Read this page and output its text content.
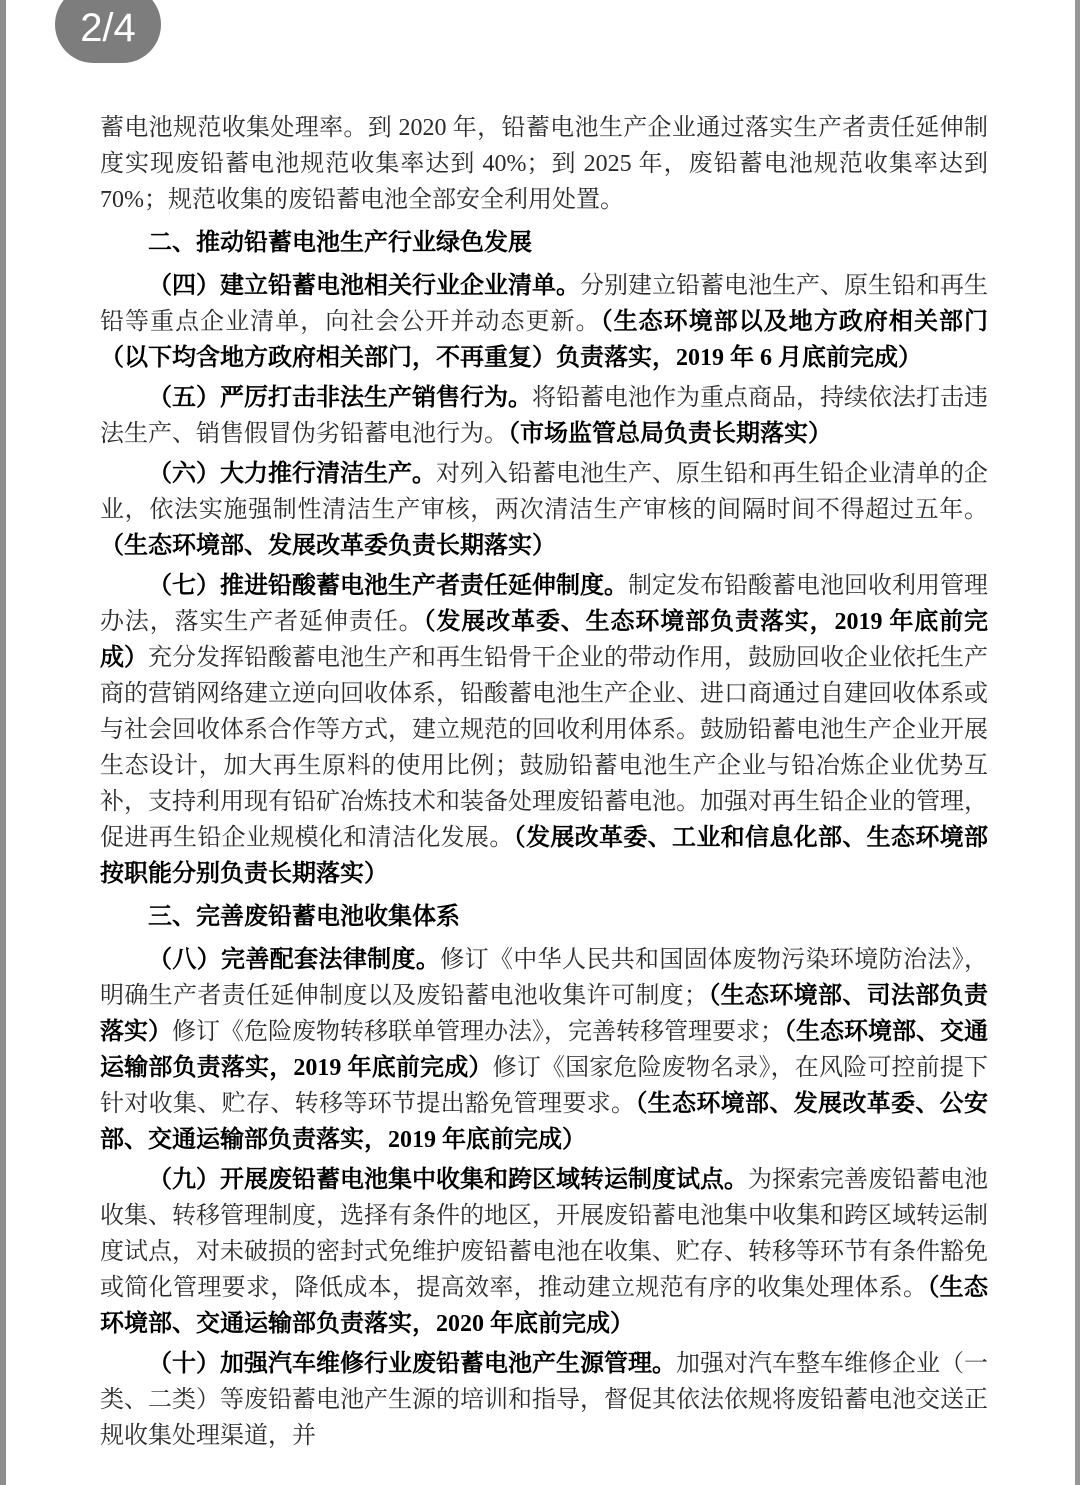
2/4

蓄电池规范收集处理率。到 2020 年，铅蓄电池生产企业通过落实生产者责任延伸制度实现废铅蓄电池规范收集率达到 40%；到 2025 年，废铅蓄电池规范收集率达到 70%；规范收集的废铅蓄电池全部安全利用处置。

二、推动铅蓄电池生产行业绿色发展

（四）建立铅蓄电池相关行业企业清单。分别建立铅蓄电池生产、原生铅和再生铅等重点企业清单，向社会公开并动态更新。（生态环境部以及地方政府相关部门（以下均含地方政府相关部门，不再重复）负责落实，2019 年 6 月底前完成）

（五）严厉打击非法生产销售行为。将铅蓄电池作为重点商品，持续依法打击违法生产、销售假冒伪劣铅蓄电池行为。（市场监管总局负责长期落实）

（六）大力推行清洁生产。对列入铅蓄电池生产、原生铅和再生铅企业清单的企业，依法实施强制性清洁生产审核，两次清洁生产审核的间隔时间不得超过五年。（生态环境部、发展改革委负责长期落实）

（七）推进铅酸蓄电池生产者责任延伸制度。制定发布铅酸蓄电池回收利用管理办法，落实生产者延伸责任。（发展改革委、生态环境部负责落实，2019 年底前完成）充分发挥铅酸蓄电池生产和再生铅骨干企业的带动作用，鼓励回收企业依托生产商的营销网络建立逆向回收体系，铅酸蓄电池生产企业、进口商通过自建回收体系或与社会回收体系合作等方式，建立规范的回收利用体系。鼓励铅蓄电池生产企业开展生态设计，加大再生原料的使用比例；鼓励铅蓄电池生产企业与铅冶炼企业优势互补，支持利用现有铅矿冶炼技术和装备处理废铅蓄电池。加强对再生铅企业的管理，促进再生铅企业规模化和清洁化发展。（发展改革委、工业和信息化部、生态环境部按职能分别负责长期落实）

三、完善废铅蓄电池收集体系

（八）完善配套法律制度。修订《中华人民共和国固体废物污染环境防治法》，明确生产者责任延伸制度以及废铅蓄电池收集许可制度；（生态环境部、司法部负责落实）修订《危险废物转移联单管理办法》，完善转移管理要求；（生态环境部、交通运输部负责落实，2019 年底前完成）修订《国家危险废物名录》，在风险可控前提下针对收集、贮存、转移等环节提出豁免管理要求。（生态环境部、发展改革委、公安部、交通运输部负责落实，2019 年底前完成）

（九）开展废铅蓄电池集中收集和跨区域转运制度试点。为探索完善废铅蓄电池收集、转移管理制度，选择有条件的地区，开展废铅蓄电池集中收集和跨区域转运制度试点，对未破损的密封式免维护废铅蓄电池在收集、贮存、转移等环节有条件豁免或简化管理要求，降低成本，提高效率，推动建立规范有序的收集处理体系。（生态环境部、交通运输部负责落实，2020 年底前完成）

（十）加强汽车维修行业废铅蓄电池产生源管理。加强对汽车整车维修企业（一类、二类）等废铅蓄电池产生源的培训和指导，督促其依法依规将废铅蓄电池交送正规收集处理渠道，并
